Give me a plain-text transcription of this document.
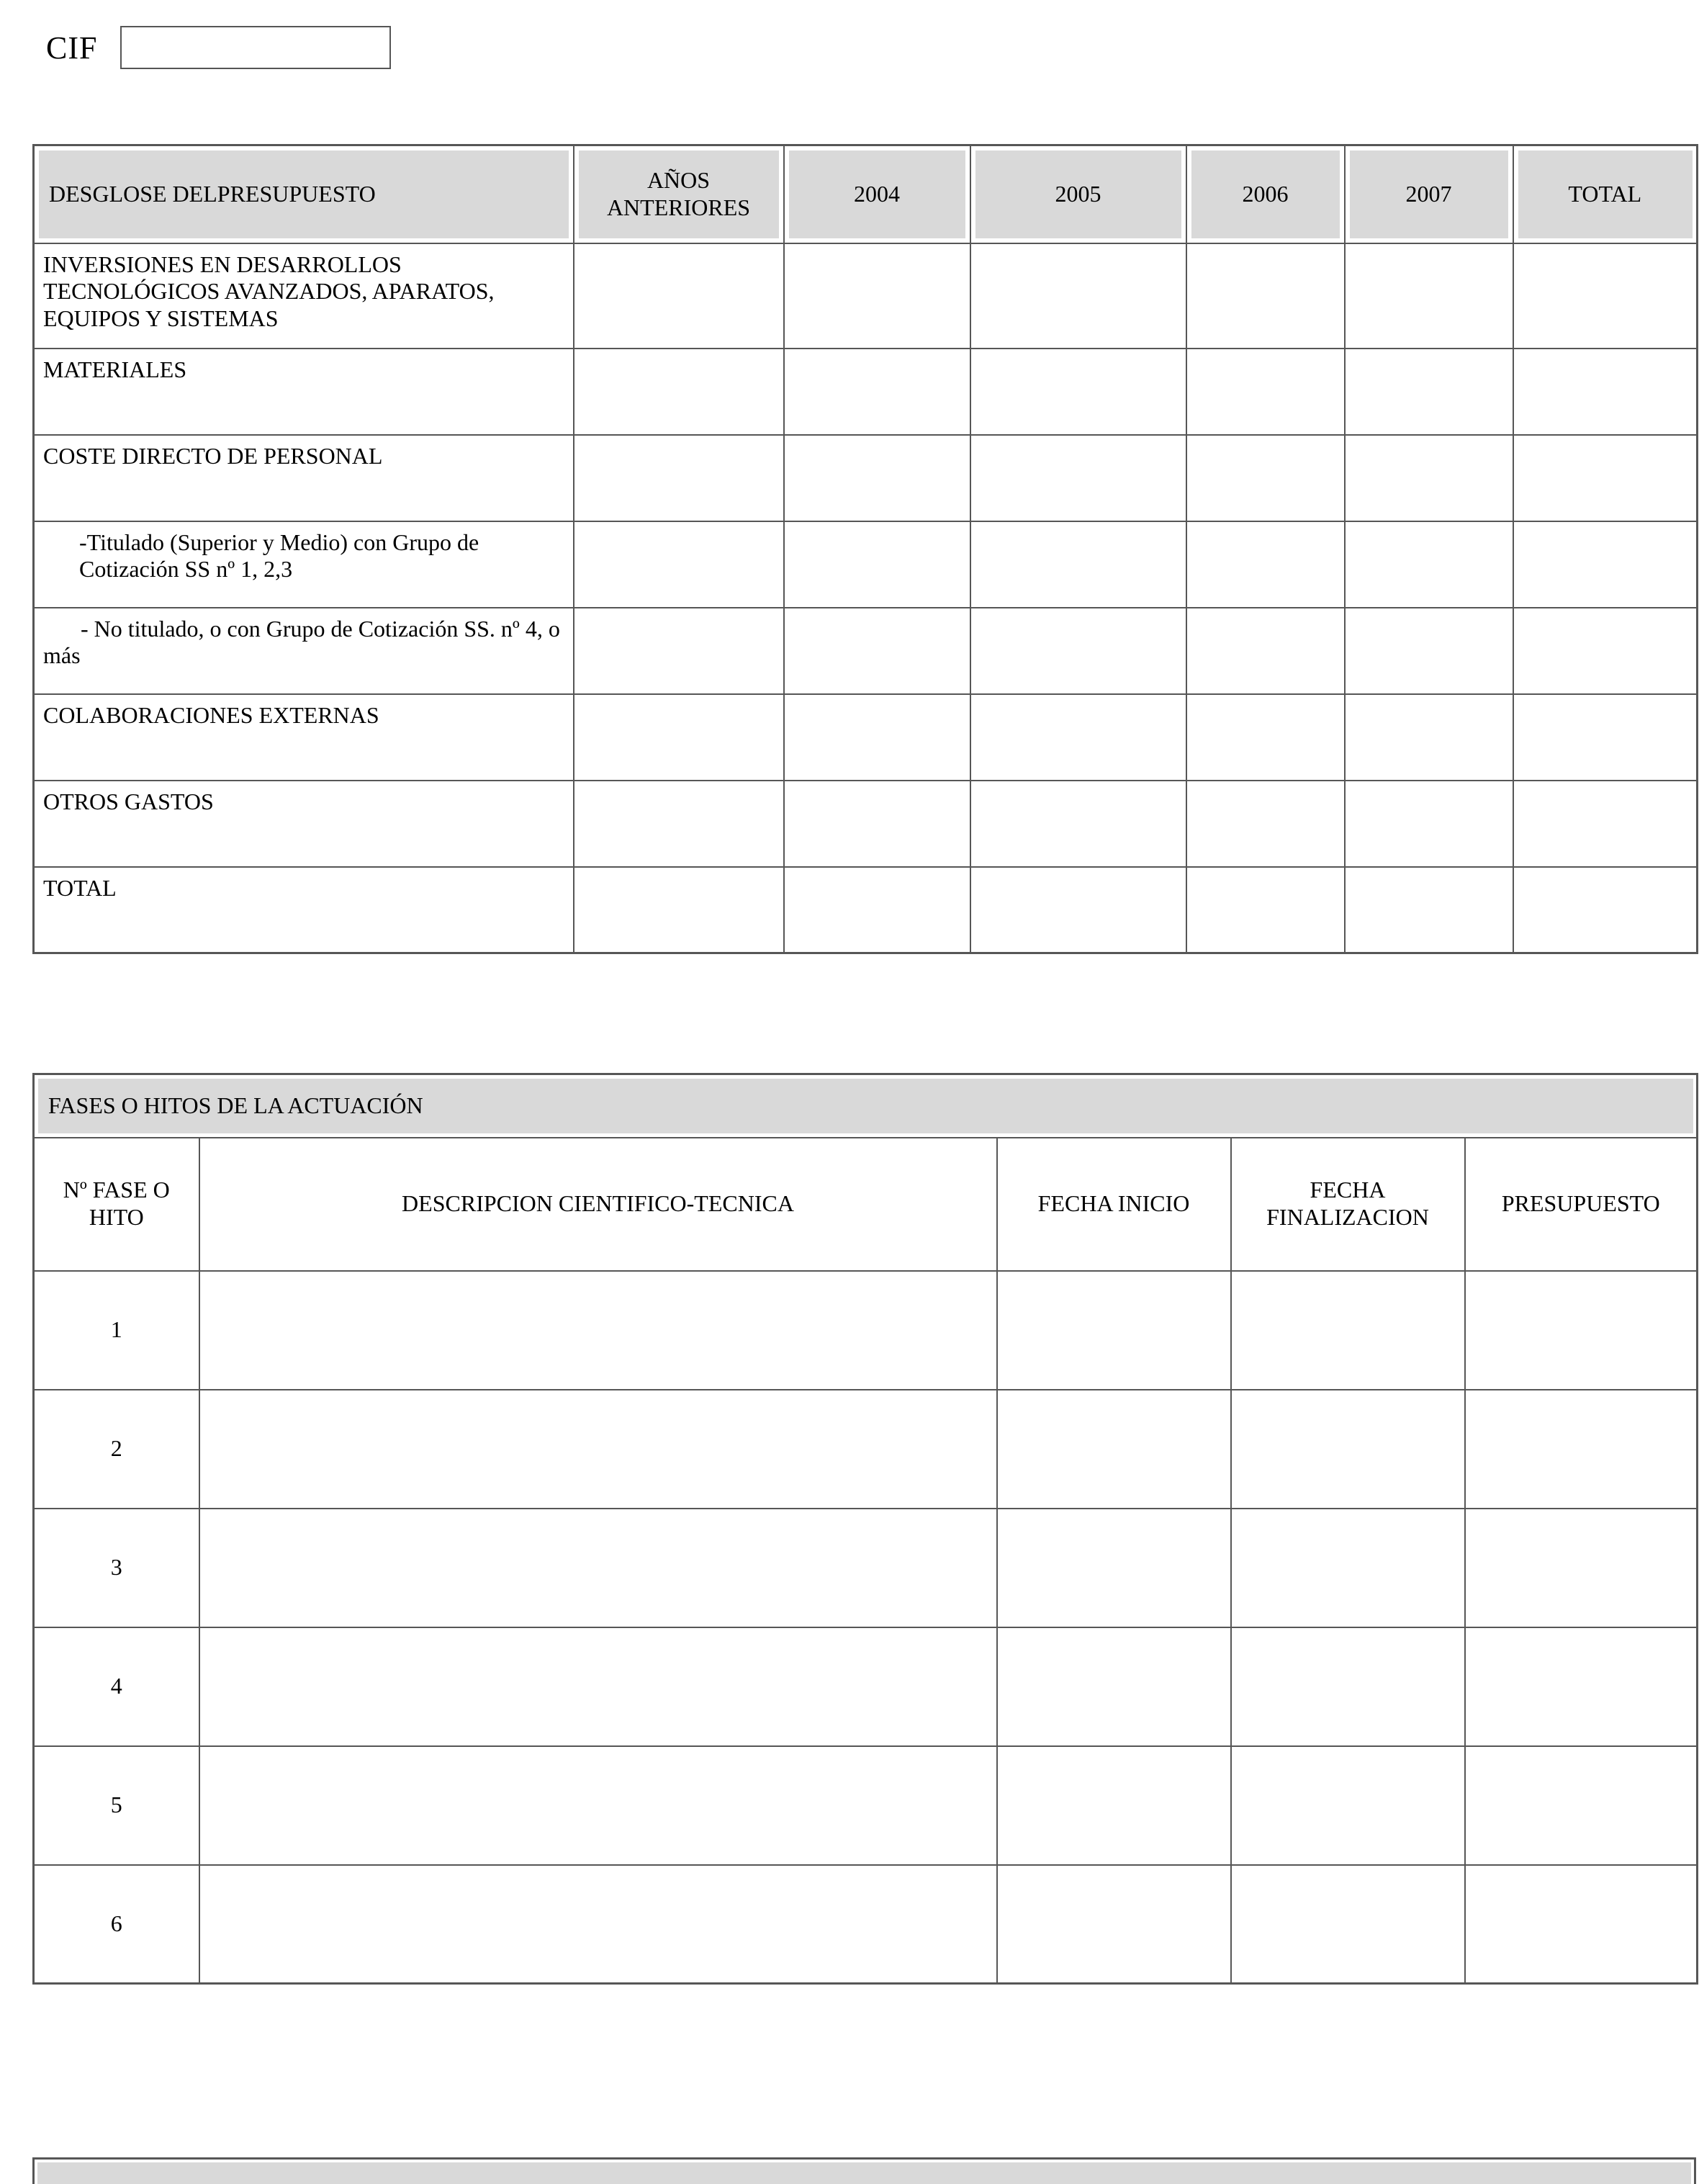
CIF
DESGLOSE DELPRESUPUESTO	AÑOS ANTERIORES	2004	2005	2006	2007	TOTAL
INVERSIONES EN DESARROLLOS TECNOLÓGICOS AVANZADOS, APARATOS, EQUIPOS Y SISTEMAS						
MATERIALES						
COSTE DIRECTO DE PERSONAL						
-Titulado (Superior y Medio) con Grupo de Cotización SS nº 1, 2,3						
- No titulado, o con Grupo de Cotización SS. nº 4, o más						
COLABORACIONES EXTERNAS						
OTROS GASTOS						
TOTAL						
FASES O HITOS DE LA ACTUACIÓN				
Nº FASE O HITO	DESCRIPCION CIENTIFICO-TECNICA	FECHA INICIO	FECHA FINALIZACION	PRESUPUESTO
1				
2				
3				
4				
5				
6				
